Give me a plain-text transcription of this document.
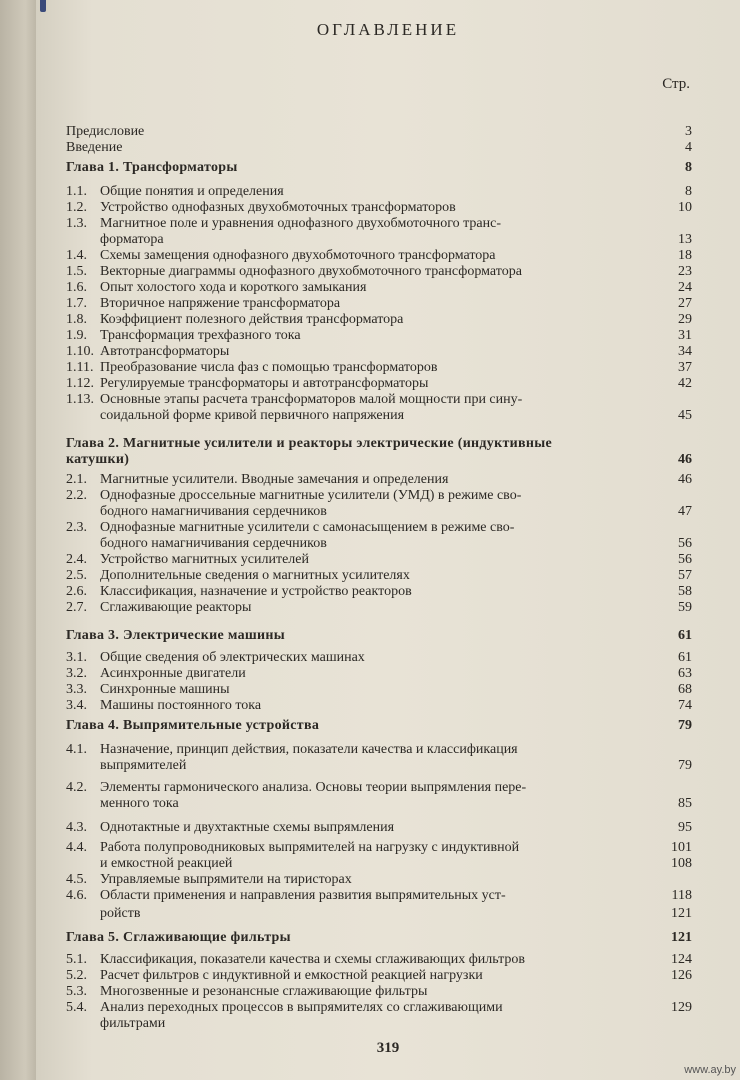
ОГЛАВЛЕНИЕ
Стр.
Предисловие	3
Введение	4
Глава 1. Трансформаторы	8
1.1. Общие понятия и определения	8
1.2. Устройство однофазных двухобмоточных трансформаторов	10
1.3. Магнитное поле и уравнения однофазного двухобмоточного транс-
форматора	13
1.4. Схемы замещения однофазного двухобмоточного трансформатора	18
1.5. Векторные диаграммы однофазного двухобмоточного трансформатора	23
1.6. Опыт холостого хода и короткого замыкания	24
1.7. Вторичное напряжение трансформатора	27
1.8. Коэффициент полезного действия трансформатора	29
1.9. Трансформация трехфазного тока	31
1.10. Автотрансформаторы	34
1.11. Преобразование числа фаз с помощью трансформаторов	37
1.12. Регулируемые трансформаторы и автотрансформаторы	42
1.13. Основные этапы расчета трансформаторов малой мощности при сину-
соидальной форме кривой первичного напряжения	45
Глава 2. Магнитные усилители и реакторы электрические (индуктивные
катушки)	46
2.1. Магнитные усилители. Вводные замечания и определения	46
2.2. Однофазные дроссельные магнитные усилители (УМД) в режиме сво-
бодного намагничивания сердечников	47
2.3. Однофазные магнитные усилители с самонасыщением в режиме сво-
бодного намагничивания сердечников	56
2.4. Устройство магнитных усилителей	56
2.5. Дополнительные сведения о магнитных усилителях	57
2.6. Классификация, назначение и устройство реакторов	58
2.7. Сглаживающие реакторы	59
Глава 3. Электрические машины	61
3.1. Общие сведения об электрических машинах	61
3.2. Асинхронные двигатели	63
3.3. Синхронные машины	68
3.4. Машины постоянного тока	74
Глава 4. Выпрямительные устройства	79
4.1. Назначение, принцип действия, показатели качества и классификация
выпрямителей	79
4.2. Элементы гармонического анализа. Основы теории выпрямления пере-
менного тока	85
4.3. Однотактные и двухтактные схемы выпрямления	95
4.4. Работа полупроводниковых выпрямителей на нагрузку с индуктивной	101
и емкостной реакцией	108
4.5. Управляемые выпрямители на тиристорах
4.6. Области применения и направления развития выпрямительных уст-	118
ройств	121
Глава 5. Сглаживающие фильтры	121
5.1. Классификация, показатели качества и схемы сглаживающих фильтров	124
5.2. Расчет фильтров с индуктивной и емкостной реакцией нагрузки	126
5.3. Многозвенные и резонансные сглаживающие фильтры
5.4. Анализ переходных процессов в выпрямителях со сглаживающими	129
фильтрами
319
www.ay.by
